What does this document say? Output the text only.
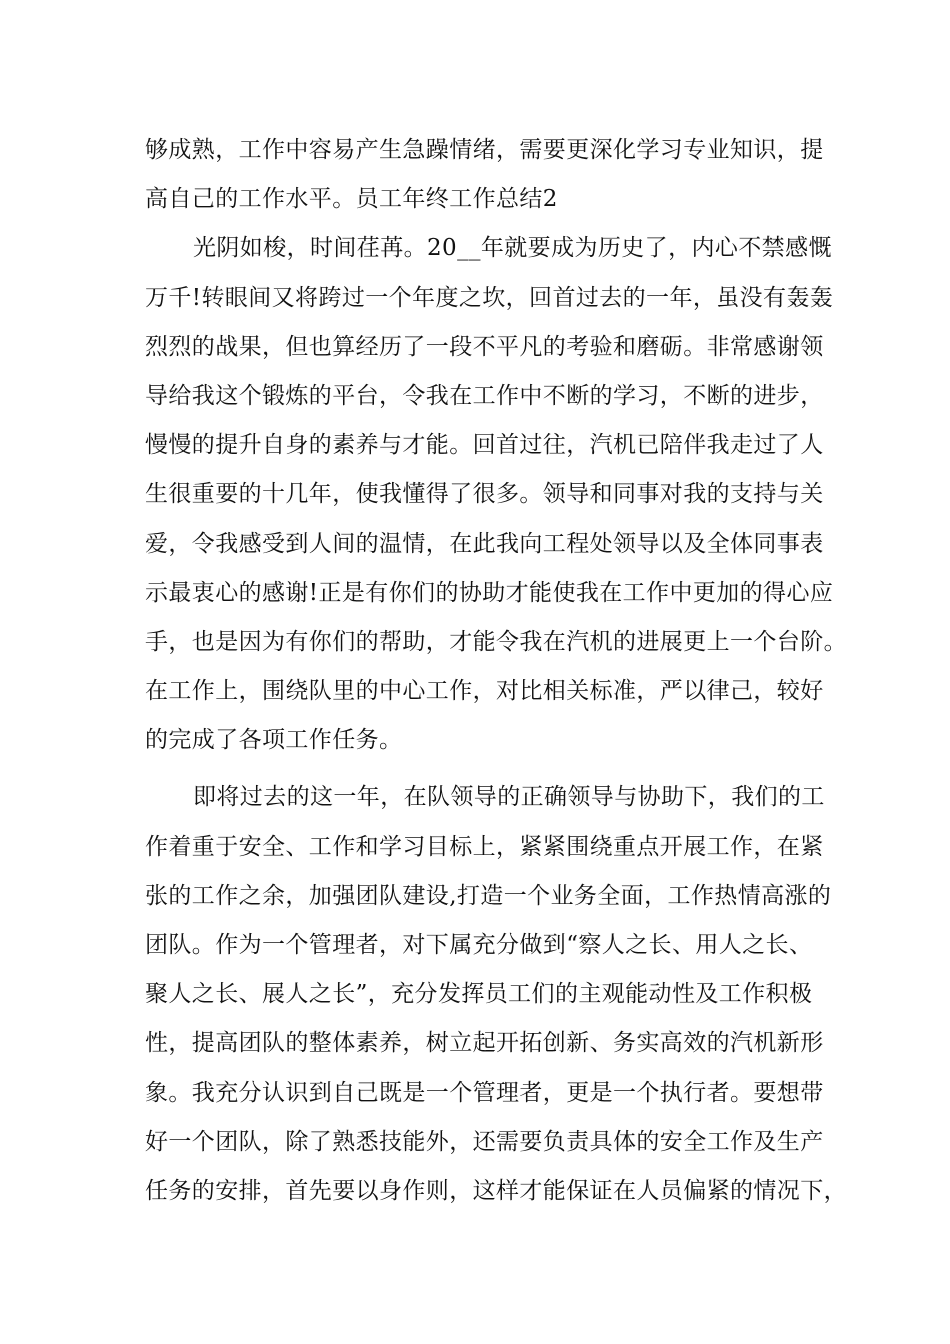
够成熟，工作中容易产生急躁情绪，需要更深化学习专业知识，提
高自己的工作水平。员工年终工作总结2
光阴如梭，时间荏苒。20__年就要成为历史了，内心不禁感慨
万千!转眼间又将跨过一个年度之坎，回首过去的一年，虽没有轰轰
烈烈的战果，但也算经历了一段不平凡的考验和磨砺。非常感谢领
导给我这个锻炼的平台，令我在工作中不断的学习，不断的进步，
慢慢的提升自身的素养与才能。回首过往，汽机已陪伴我走过了人
生很重要的十几年，使我懂得了很多。领导和同事对我的支持与关
爱，令我感受到人间的温情，在此我向工程处领导以及全体同事表
示最衷心的感谢!正是有你们的协助才能使我在工作中更加的得心应
手，也是因为有你们的帮助，才能令我在汽机的进展更上一个台阶。
在工作上，围绕队里的中心工作，对比相关标准，严以律己，较好
的完成了各项工作任务。
即将过去的这一年，在队领导的正确领导与协助下，我们的工
作着重于安全、工作和学习目标上，紧紧围绕重点开展工作，在紧
张的工作之余，加强团队建设,打造一个业务全面，工作热情高涨的
团队。作为一个管理者，对下属充分做到“察人之长、用人之长、
聚人之长、展人之长”，充分发挥员工们的主观能动性及工作积极
性，提高团队的整体素养，树立起开拓创新、务实高效的汽机新形
象。我充分认识到自己既是一个管理者，更是一个执行者。要想带
好一个团队，除了熟悉技能外，还需要负责具体的安全工作及生产
任务的安排，首先要以身作则，这样才能保证在人员偏紧的情况下，
